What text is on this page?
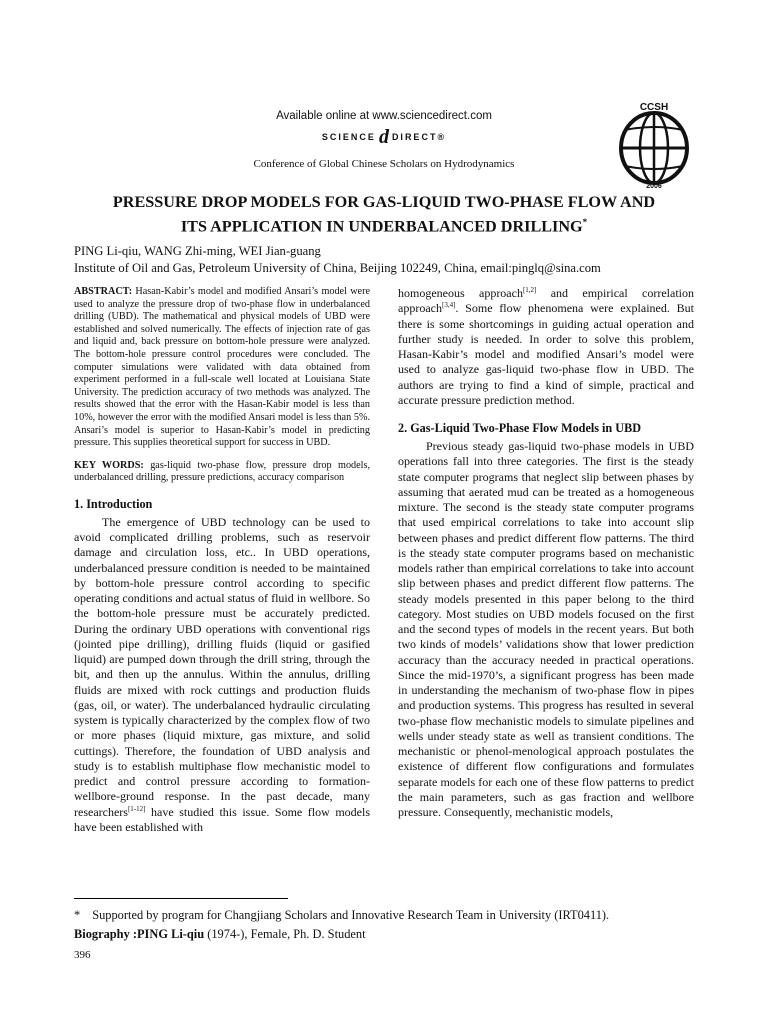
Available online at www.sciencedirect.com
SCIENCE d DIRECT®
Conference of Global Chinese Scholars on Hydrodynamics
CCSH
2006
PRESSURE DROP MODELS FOR GAS-LIQUID TWO-PHASE FLOW AND
ITS APPLICATION IN UNDERBALANCED DRILLING*
PING Li-qiu, WANG Zhi-ming, WEI Jian-guang
Institute of Oil and Gas, Petroleum University of China, Beijing 102249, China, email:pinglq@sina.com

ABSTRACT: Hasan-Kabir’s model and modified Ansari’s model were used to analyze the pressure drop of two-phase flow in underbalanced drilling (UBD). The mathematical and physical models of UBD were established and solved numerically. The effects of injection rate of gas and liquid and, back pressure on bottom-hole pressure were analyzed. The bottom-hole pressure control procedures were concluded. The computer simulations were validated with data obtained from experiment performed in a full-scale well located at Louisiana State University. The prediction accuracy of two methods was analyzed. The results showed that the error with the Hasan-Kabir model is less than 10%, however the error with the modified Ansari model is less than 5%. Ansari’s model is superior to Hasan-Kabir’s model in predicting pressure. This supplies theoretical support for success in UBD.

KEY WORDS: gas-liquid two-phase flow, pressure drop models, underbalanced drilling, pressure predictions, accuracy comparison

1. Introduction

The emergence of UBD technology can be used to avoid complicated drilling problems, such as reservoir damage and circulation loss, etc.. In UBD operations, underbalanced pressure condition is needed to be maintained by bottom-hole pressure control according to specific operating conditions and actual status of fluid in wellbore. So the bottom-hole pressure must be accurately predicted. During the ordinary UBD operations with conventional rigs (jointed pipe drilling), drilling fluids (liquid or gasified liquid) are pumped down through the drill string, through the bit, and then up the annulus. Within the annulus, drilling fluids are mixed with rock cuttings and production fluids (gas, oil, or water). The underbalanced hydraulic circulating system is typically characterized by the complex flow of two or more phases (liquid mixture, gas mixture, and solid cuttings). Therefore, the foundation of UBD analysis and study is to establish multiphase flow mechanistic model to predict and control pressure according to formation-wellbore-ground response. In the past decade, many researchers[1-12] have studied this issue. Some flow models have been established with

homogeneous approach[1,2] and empirical correlation approach[3,4]. Some flow phenomena were explained. But there is some shortcomings in guiding actual operation and further study is needed. In order to solve this problem, Hasan-Kabir’s model and modified Ansari’s model were used to analyze gas-liquid two-phase flow in UBD. The authors are trying to find a kind of simple, practical and accurate pressure prediction method.

2. Gas-Liquid Two-Phase Flow Models in UBD

Previous steady gas-liquid two-phase models in UBD operations fall into three categories. The first is the steady state computer programs that neglect slip between phases by assuming that aerated mud can be treated as a homogeneous mixture. The second is the steady state computer programs that used empirical correlations to take into account slip between phases and predict different flow patterns. The third is the steady state computer programs based on mechanistic models rather than empirical correlations to take into account slip between phases and predict different flow patterns. The steady models presented in this paper belong to the third category. Most studies on UBD models focused on the first and the second types of models in the recent years. But both two kinds of models’ validations show that lower prediction accuracy than the accuracy needed in practical operations. Since the mid-1970’s, a significant progress has been made in understanding the mechanism of two-phase flow in pipes and production systems. This progress has resulted in several two-phase flow mechanistic models to simulate pipelines and wells under steady state as well as transient conditions. The mechanistic or phenol-menological approach postulates the existence of different flow configurations and formulates separate models for each one of these flow patterns to predict the main parameters, such as gas fraction and wellbore pressure. Consequently, mechanistic models,

* Supported by program for Changjiang Scholars and Innovative Research Team in University (IRT0411).
Biography :PING Li-qiu (1974-), Female, Ph. D. Student
396
